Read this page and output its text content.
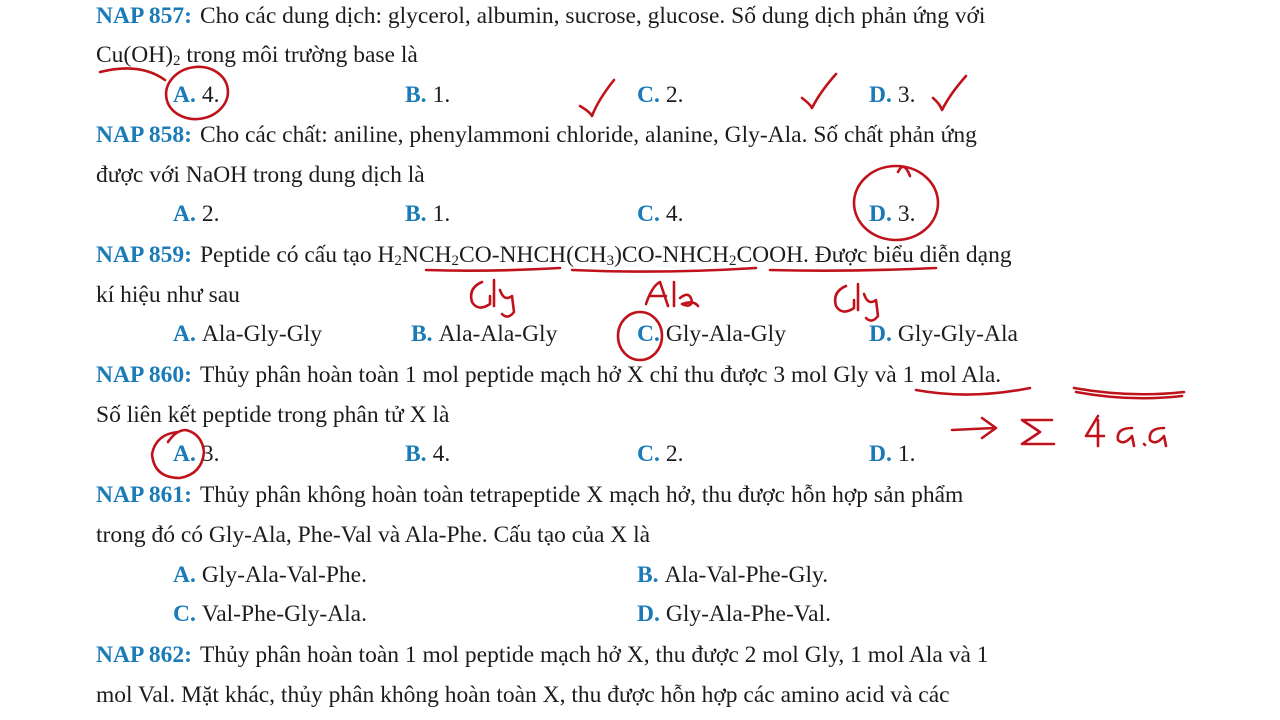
NAP 857: Cho các dung dịch: glycerol, albumin, sucrose, glucose. Số dung dịch phản ứng với
$Cu(OH)_2$ trong môi trường base là
A. 4.	B. 1.	C. 2.	D. 3.
NAP 858: Cho các chất: aniline, phenylammoni chloride, alanine, Gly-Ala. Số chất phản ứng
được với NaOH trong dung dịch là
A. 2.	B. 1.	C. 4.	D. 3.
NAP 859: Peptide có cấu tạo $H_2NCH_2CO-NHCH(CH_3)CO-NHCH_2COOH$. Được biểu diễn dạng
kí hiệu như sau
A. Ala-Gly-Gly	B. Ala-Ala-Gly	C. Gly-Ala-Gly	D. Gly-Gly-Ala
NAP 860: Thủy phân hoàn toàn 1 mol peptide mạch hở X chỉ thu được 3 mol Gly và 1 mol Ala.
Số liên kết peptide trong phân tử X là
A. 3.	B. 4.	C. 2.	D. 1.
NAP 861: Thủy phân không hoàn toàn tetrapeptide X mạch hở, thu được hỗn hợp sản phẩm
trong đó có Gly-Ala, Phe-Val và Ala-Phe. Cấu tạo của X là
A. Gly-Ala-Val-Phe.	B. Ala-Val-Phe-Gly.
C. Val-Phe-Gly-Ala.	D. Gly-Ala-Phe-Val.
NAP 862: Thủy phân hoàn toàn 1 mol peptide mạch hở X, thu được 2 mol Gly, 1 mol Ala và 1
mol Val. Mặt khác, thủy phân không hoàn toàn X, thu được hỗn hợp các amino acid và các
